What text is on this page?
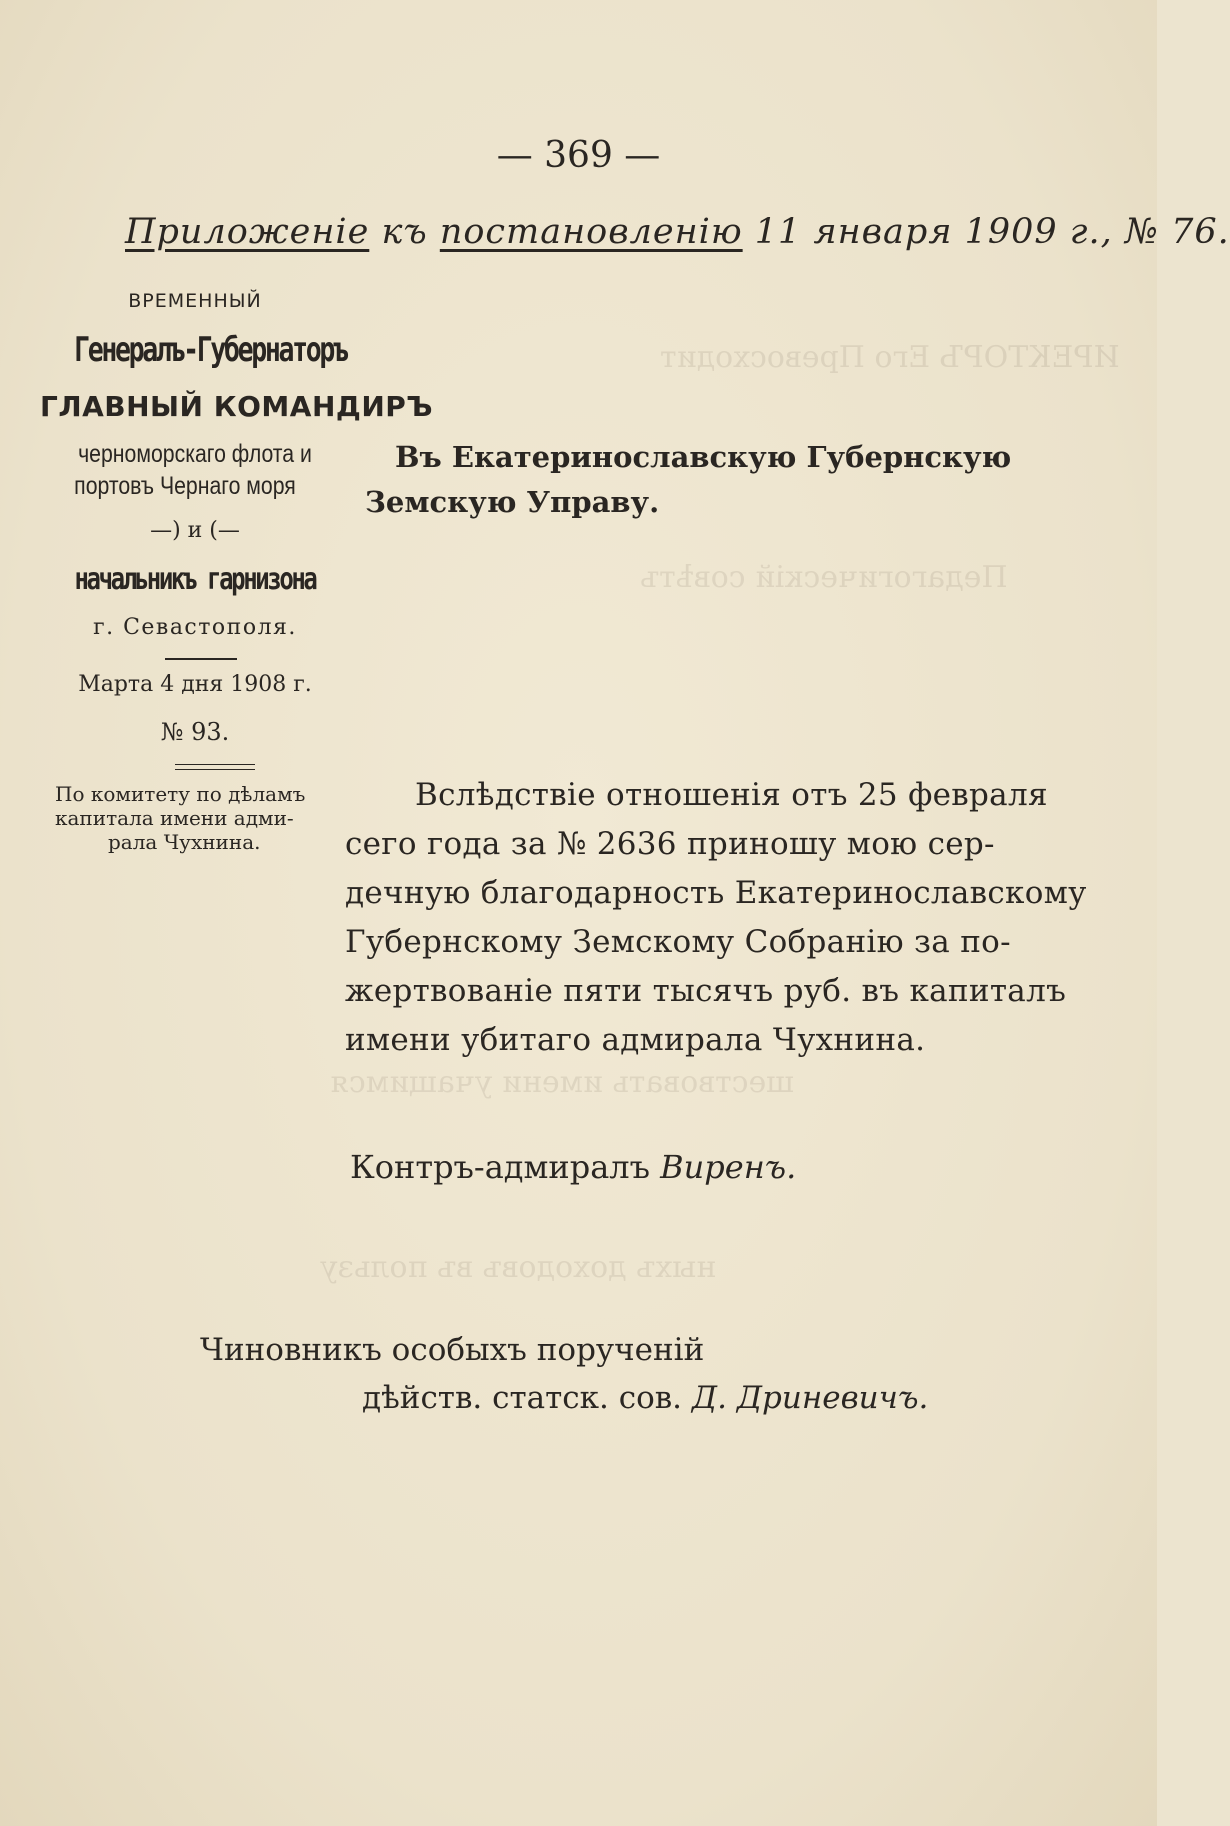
ИРЕКТОРЪ Его Превосходит
Педагогическій совѣтъ
шествовать имени учащимся
ныхъ доходовъ въ пользу
— 369 —
Приложеніе къ постановленію 11 января 1909 г., № 76.
ВРЕМЕННЫЙ
Генералъ-Губернаторъ
ГЛАВНЫЙ КОМАНДИРЪ
черноморскаго флота и
портовъ Чернаго моря
—) и (—
начальникъ гарнизона
г. Севастополя.
Марта 4 дня 1908 г.
№ 93.
По комитету по дѣламъ
капитала имени адми-
рала Чухнина.
Въ Екатеринославскую Губернскую
Земскую Управу.
Вслѣдствіе отношенія отъ 25 февраля
сего года за № 2636 приношу мою сер-
дечную благодарность Екатеринославскому
Губернскому Земскому Собранію за по-
жертвованіе пяти тысячъ руб. въ капиталъ
имени убитаго адмирала Чухнина.
Контръ-адмиралъ Виренъ.
Чиновникъ особыхъ порученій
дѣйств. статск. сов. Д. Дриневичъ.
